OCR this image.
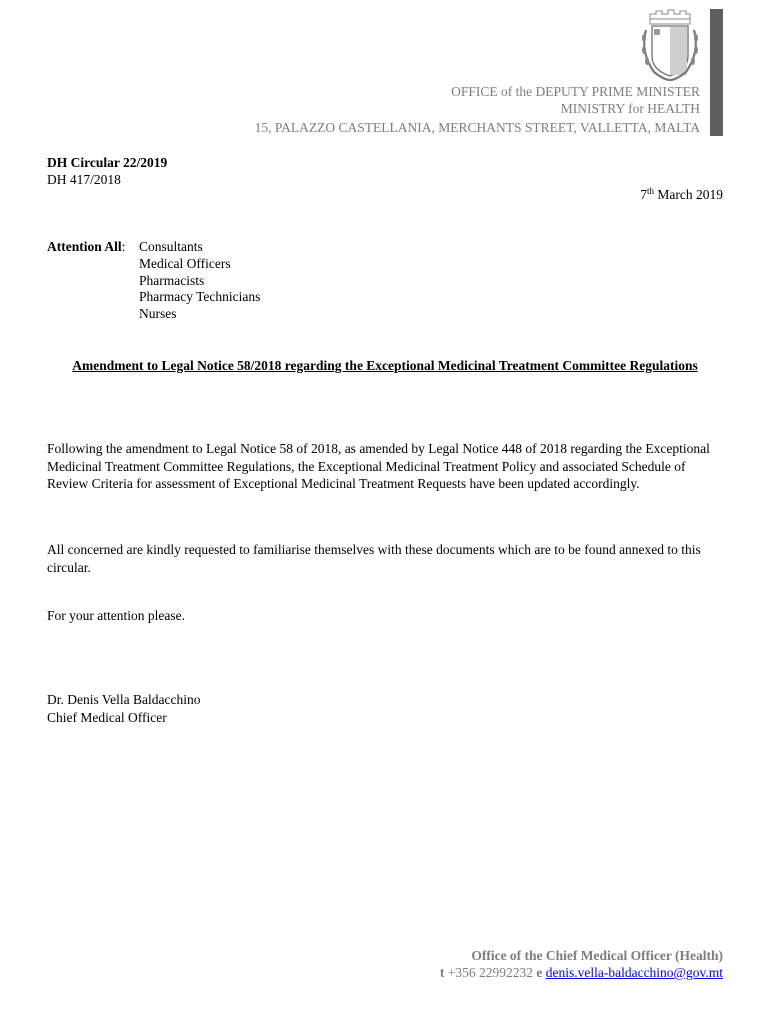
OFFICE of the DEPUTY PRIME MINISTER
MINISTRY for HEALTH
15, PALAZZO CASTELLANIA, MERCHANTS STREET, VALLETTA, MALTA
DH Circular 22/2019
DH 417/2018
7th March 2019
Attention All: Consultants
Medical Officers
Pharmacists
Pharmacy Technicians
Nurses
Amendment to Legal Notice 58/2018 regarding the Exceptional Medicinal Treatment Committee Regulations
Following the amendment to Legal Notice 58 of 2018, as amended by Legal Notice 448 of 2018 regarding the Exceptional Medicinal Treatment Committee Regulations, the Exceptional Medicinal Treatment Policy and associated Schedule of Review Criteria for assessment of Exceptional Medicinal Treatment Requests have been updated accordingly.
All concerned are kindly requested to familiarise themselves with these documents which are to be found annexed to this circular.
For your attention please.
Dr. Denis Vella Baldacchino
Chief Medical Officer
Office of the Chief Medical Officer (Health)
t +356 22992232 e denis.vella-baldacchino@gov.mt
